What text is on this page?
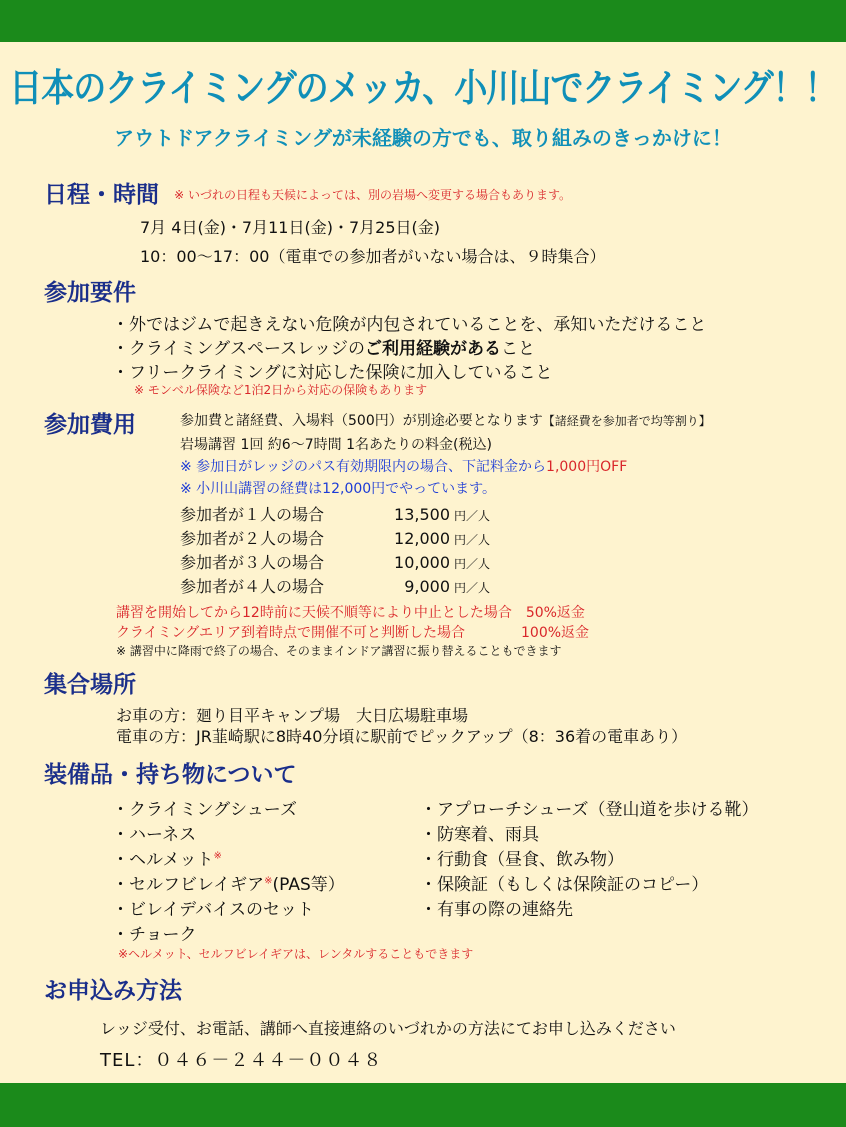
日本のクライミングのメッカ、小川山でクライミング！！
アウトドアクライミングが未経験の方でも、取り組みのきっかけに！
日程・時間 ※ いづれの日程も天候によっては、別の岩場へ変更する場合もあります。
7月 4日(金)・7月11日(金)・7月25日(金)
10：00～17：00（電車での参加者がいない場合は、９時集合）
参加要件
・外ではジムで起きえない危険が内包されていることを、承知いただけること
・クライミングスペースレッジのご利用経験があること
・フリークライミングに対応した保険に加入していること
※ モンベル保険など1泊2日から対応の保険もあります
参加費用	参加費と諸経費、入場料（500円）が別途必要となります【諸経費を参加者で均等割り】
岩場講習 1回 約6～7時間 1名あたりの料金(税込)
※ 参加日がレッジのパス有効期限内の場合、下記料金から1,000円OFF
※ 小川山講習の経費は12,000円でやっています。
参加者が１人の場合	13,500 円／人
参加者が２人の場合	12,000 円／人
参加者が３人の場合	10,000 円／人
参加者が４人の場合	9,000 円／人
講習を開始してから12時前に天候不順等により中止とした場合　50%返金
クライミングエリア到着時点で開催不可と判断した場合　　　　100%返金
※ 講習中に降雨で終了の場合、そのままインドア講習に振り替えることもできます
集合場所
お車の方：廻り目平キャンプ場　大日広場駐車場
電車の方：JR韮崎駅に8時40分頃に駅前でピックアップ（8：36着の電車あり）
装備品・持ち物について
・クライミングシューズ
・ハーネス
・ヘルメット※
・セルフビレイギア※(PAS等）
・ビレイデバイスのセット
・チョーク
・アプローチシューズ（登山道を歩ける靴）
・防寒着、雨具
・行動食（昼食、飲み物）
・保険証（もしくは保険証のコピー）
・有事の際の連絡先
※ヘルメット、セルフビレイギアは、レンタルすることもできます
お申込み方法
レッジ受付、お電話、講師へ直接連絡のいづれかの方法にてお申し込みください
TEL：０４６－２４４－００４８
